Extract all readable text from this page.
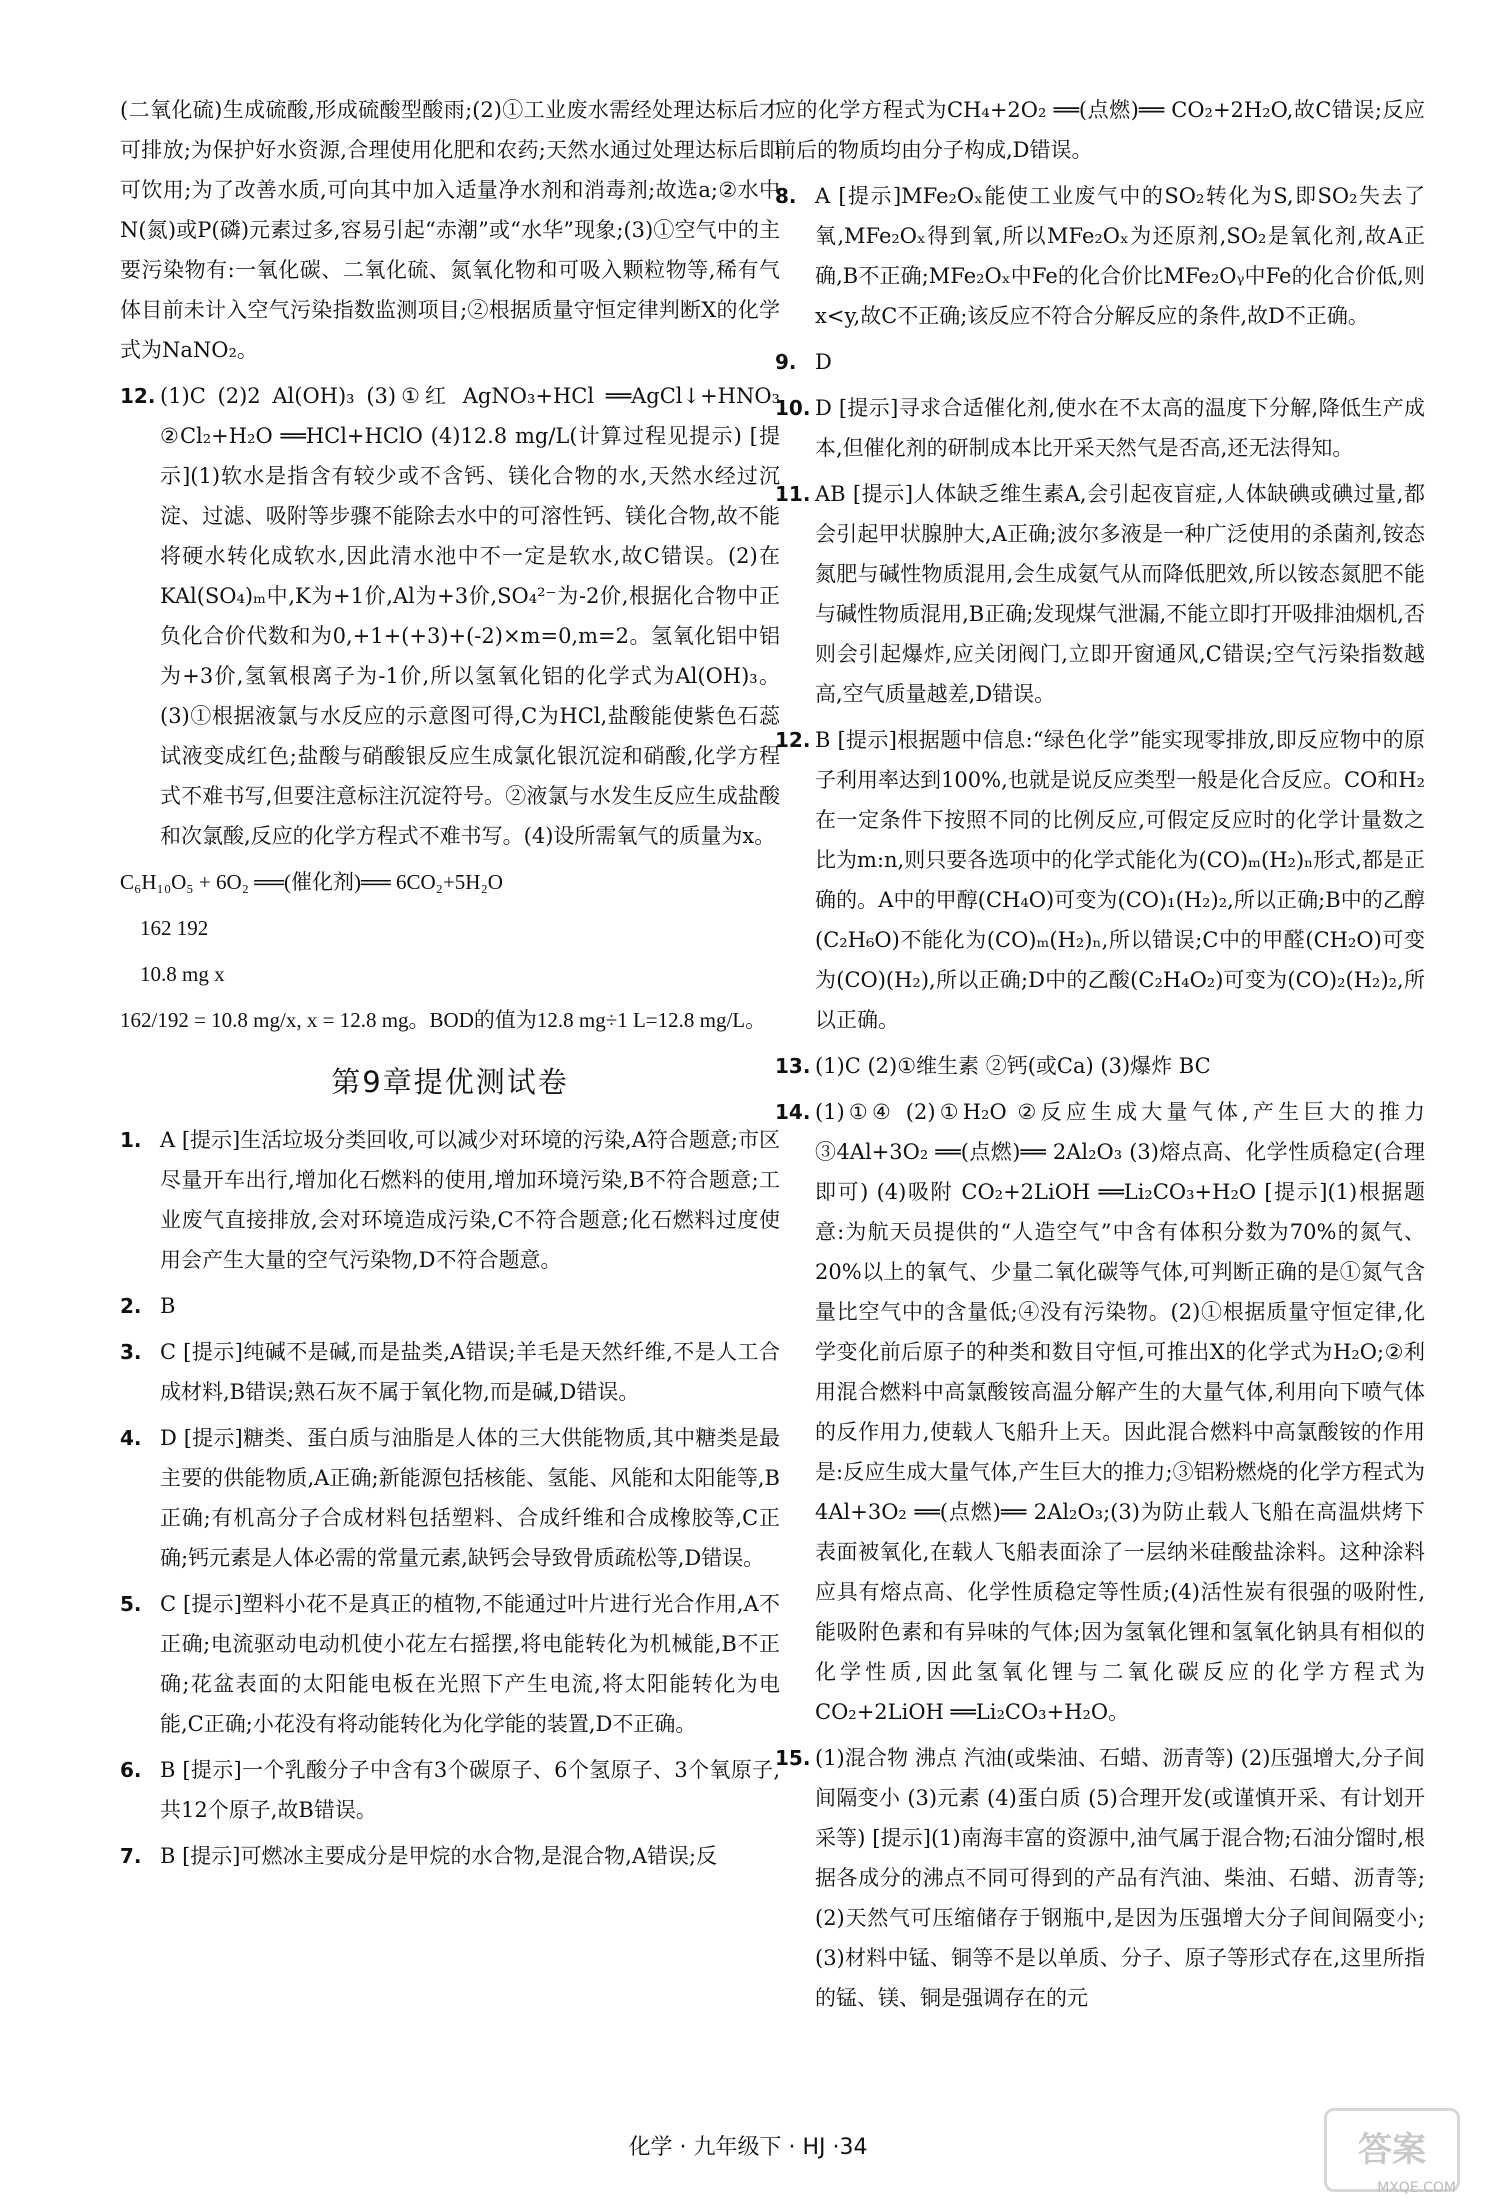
(二氧化硫)生成硫酸,形成硫酸型酸雨;(2)①工业废水需经处理达标后才可排放;为保护好水资源,合理使用化肥和农药;天然水通过处理达标后即可饮用;为了改善水质,可向其中加入适量净水剂和消毒剂;故选a;②水中N(氮)或P(磷)元素过多,容易引起“赤潮”或“水华”现象;(3)①空气中的主要污染物有:一氧化碳、二氧化硫、氮氧化物和可吸入颗粒物等,稀有气体目前未计入空气污染指数监测项目;②根据质量守恒定律判断X的化学式为NaNO₂。

12. (1)C (2)2 Al(OH)₃ (3)①红 AgNO₃+HCl ══AgCl↓+HNO₃ ②Cl₂+H₂O ══HCl+HClO (4)12.8 mg/L(计算过程见提示) [提示](1)软水是指含有较少或不含钙、镁化合物的水,天然水经过沉淀、过滤、吸附等步骤不能除去水中的可溶性钙、镁化合物,故不能将硬水转化成软水,因此清水池中不一定是软水,故C错误。(2)在KAl(SO₄)ₘ中,K为+1价,Al为+3价,SO₄²⁻为-2价,根据化合物中正负化合价代数和为0,+1+(+3)+(-2)×m=0,m=2。氢氧化铝中铝为+3价,氢氧根离子为-1价,所以氢氧化铝的化学式为Al(OH)₃。(3)①根据液氯与水反应的示意图可得,C为HCl,盐酸能使紫色石蕊试液变成红色;盐酸与硝酸银反应生成氯化银沉淀和硝酸,化学方程式不难书写,但要注意标注沉淀符号。②液氯与水发生反应生成盐酸和次氯酸,反应的化学方程式不难书写。(4)设所需氧气的质量为x。
C₆H₁₀O₅ + 6O₂ ══(催化剂)══ 6CO₂+5H₂O
162 192
10.8 mg x
162/192 = 10.8 mg/x, x = 12.8 mg。BOD的值为12.8 mg÷1 L=12.8 mg/L。
第9章提优测试卷
1. A [提示]生活垃圾分类回收,可以减少对环境的污染,A符合题意;市区尽量开车出行,增加化石燃料的使用,增加环境污染,B不符合题意;工业废气直接排放,会对环境造成污染,C不符合题意;化石燃料过度使用会产生大量的空气污染物,D不符合题意。
2. B
3. C [提示]纯碱不是碱,而是盐类,A错误;羊毛是天然纤维,不是人工合成材料,B错误;熟石灰不属于氧化物,而是碱,D错误。
4. D [提示]糖类、蛋白质与油脂是人体的三大供能物质,其中糖类是最主要的供能物质,A正确;新能源包括核能、氢能、风能和太阳能等,B正确;有机高分子合成材料包括塑料、合成纤维和合成橡胶等,C正确;钙元素是人体必需的常量元素,缺钙会导致骨质疏松等,D错误。
5. C [提示]塑料小花不是真正的植物,不能通过叶片进行光合作用,A不正确;电流驱动电动机使小花左右摇摆,将电能转化为机械能,B不正确;花盆表面的太阳能电板在光照下产生电流,将太阳能转化为电能,C正确;小花没有将动能转化为化学能的装置,D不正确。
6. B [提示]一个乳酸分子中含有3个碳原子、6个氢原子、3个氧原子,共12个原子,故B错误。
7. B [提示]可燃冰主要成分是甲烷的水合物,是混合物,A错误;反

应的化学方程式为CH₄+2O₂ ══(点燃)══ CO₂+2H₂O,故C错误;反应前后的物质均由分子构成,D错误。

8. A [提示]MFe₂Oₓ能使工业废气中的SO₂转化为S,即SO₂失去了氧,MFe₂Oₓ得到氧,所以MFe₂Oₓ为还原剂,SO₂是氧化剂,故A正确,B不正确;MFe₂Oₓ中Fe的化合价比MFe₂Oᵧ中Fe的化合价低,则x<y,故C不正确;该反应不符合分解反应的条件,故D不正确。
9. D
10. D [提示]寻求合适催化剂,使水在不太高的温度下分解,降低生产成本,但催化剂的研制成本比开采天然气是否高,还无法得知。
11. AB [提示]人体缺乏维生素A,会引起夜盲症,人体缺碘或碘过量,都会引起甲状腺肿大,A正确;波尔多液是一种广泛使用的杀菌剂,铵态氮肥与碱性物质混用,会生成氨气从而降低肥效,所以铵态氮肥不能与碱性物质混用,B正确;发现煤气泄漏,不能立即打开吸排油烟机,否则会引起爆炸,应关闭阀门,立即开窗通风,C错误;空气污染指数越高,空气质量越差,D错误。
12. B [提示]根据题中信息:“绿色化学”能实现零排放,即反应物中的原子利用率达到100%,也就是说反应类型一般是化合反应。CO和H₂在一定条件下按照不同的比例反应,可假定反应时的化学计量数之比为m:n,则只要各选项中的化学式能化为(CO)ₘ(H₂)ₙ形式,都是正确的。A中的甲醇(CH₄O)可变为(CO)₁(H₂)₂,所以正确;B中的乙醇(C₂H₆O)不能化为(CO)ₘ(H₂)ₙ,所以错误;C中的甲醛(CH₂O)可变为(CO)(H₂),所以正确;D中的乙酸(C₂H₄O₂)可变为(CO)₂(H₂)₂,所以正确。
13. (1)C (2)①维生素 ②钙(或Ca) (3)爆炸 BC
14. (1)①④ (2)①H₂O ②反应生成大量气体,产生巨大的推力 ③4Al+3O₂ ══(点燃)══ 2Al₂O₃ (3)熔点高、化学性质稳定(合理即可) (4)吸附 CO₂+2LiOH ══Li₂CO₃+H₂O [提示](1)根据题意:为航天员提供的“人造空气”中含有体积分数为70%的氮气、20%以上的氧气、少量二氧化碳等气体,可判断正确的是①氮气含量比空气中的含量低;④没有污染物。(2)①根据质量守恒定律,化学变化前后原子的种类和数目守恒,可推出X的化学式为H₂O;②利用混合燃料中高氯酸铵高温分解产生的大量气体,利用向下喷气体的反作用力,使载人飞船升上天。因此混合燃料中高氯酸铵的作用是:反应生成大量气体,产生巨大的推力;③铝粉燃烧的化学方程式为4Al+3O₂ ══(点燃)══ 2Al₂O₃;(3)为防止载人飞船在高温烘烤下表面被氧化,在载人飞船表面涂了一层纳米硅酸盐涂料。这种涂料应具有熔点高、化学性质稳定等性质;(4)活性炭有很强的吸附性,能吸附色素和有异味的气体;因为氢氧化锂和氢氧化钠具有相似的化学性质,因此氢氧化锂与二氧化碳反应的化学方程式为CO₂+2LiOH ══Li₂CO₃+H₂O。
15. (1)混合物 沸点 汽油(或柴油、石蜡、沥青等) (2)压强增大,分子间间隔变小 (3)元素 (4)蛋白质 (5)合理开发(或谨慎开采、有计划开采等) [提示](1)南海丰富的资源中,油气属于混合物;石油分馏时,根据各成分的沸点不同可得到的产品有汽油、柴油、石蜡、沥青等;(2)天然气可压缩储存于钢瓶中,是因为压强增大分子间间隔变小;(3)材料中锰、铜等不是以单质、分子、原子等形式存在,这里所指的锰、镁、铜是强调存在的元
化学 · 九年级下 · HJ ·34	答案
MXQE.COM
